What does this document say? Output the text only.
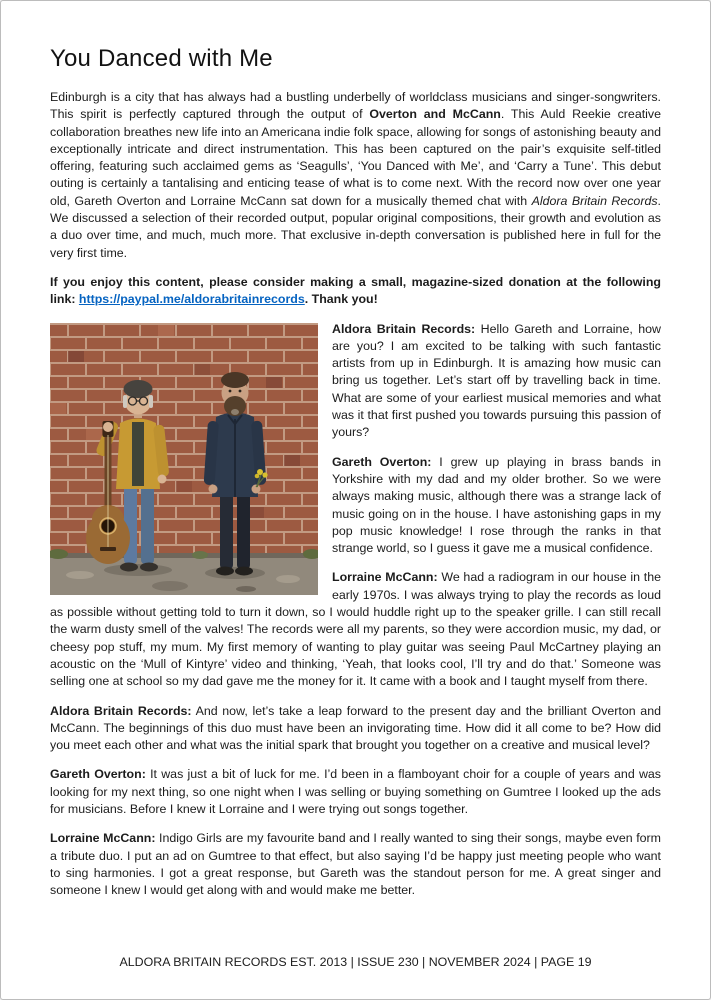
You Danced with Me

Edinburgh is a city that has always had a bustling underbelly of worldclass musicians and singer-songwriters. This spirit is perfectly captured through the output of Overton and McCann. This Auld Reekie creative collaboration breathes new life into an Americana indie folk space, allowing for songs of astonishing beauty and exceptionally intricate and direct instrumentation. This has been captured on the pair’s exquisite self-titled offering, featuring such acclaimed gems as ‘Seagulls’, ‘You Danced with Me’, and ‘Carry a Tune’. This debut outing is certainly a tantalising and enticing tease of what is to come next. With the record now over one year old, Gareth Overton and Lorraine McCann sat down for a musically themed chat with Aldora Britain Records. We discussed a selection of their recorded output, popular original compositions, their growth and evolution as a duo over time, and much, much more. That exclusive in-depth conversation is published here in full for the very first time.

If you enjoy this content, please consider making a small, magazine-sized donation at the following link: https://paypal.me/aldorabritainrecords. Thank you!

Aldora Britain Records: Hello Gareth and Lorraine, how are you? I am excited to be talking with such fantastic artists from up in Edinburgh. It is amazing how music can bring us together. Let’s start off by travelling back in time. What are some of your earliest musical memories and what was it that first pushed you towards pursuing this passion of yours?

Gareth Overton: I grew up playing in brass bands in Yorkshire with my dad and my older brother. So we were always making music, although there was a strange lack of music going on in the house. I have astonishing gaps in my pop music knowledge! I rose through the ranks in that strange world, so I guess it gave me a musical confidence.

Lorraine McCann: We had a radiogram in our house in the early 1970s. I was always trying to play the records as loud as possible without getting told to turn it down, so I would huddle right up to the speaker grille. I can still recall the warm dusty smell of the valves! The records were all my parents, so they were accordion music, my dad, or cheesy pop stuff, my mum. My first memory of wanting to play guitar was seeing Paul McCartney playing an acoustic on the ‘Mull of Kintyre’ video and thinking, ‘Yeah, that looks cool, I’ll try and do that.’ Someone was selling one at school so my dad gave me the money for it. It came with a book and I taught myself from there.

Aldora Britain Records: And now, let’s take a leap forward to the present day and the brilliant Overton and McCann. The beginnings of this duo must have been an invigorating time. How did it all come to be? How did you meet each other and what was the initial spark that brought you together on a creative and musical level?

Gareth Overton: It was just a bit of luck for me. I’d been in a flamboyant choir for a couple of years and was looking for my next thing, so one night when I was selling or buying something on Gumtree I looked up the ads for musicians. Before I knew it Lorraine and I were trying out songs together.

Lorraine McCann: Indigo Girls are my favourite band and I really wanted to sing their songs, maybe even form a tribute duo. I put an ad on Gumtree to that effect, but also saying I’d be happy just meeting people who want to sing harmonies. I got a great response, but Gareth was the standout person for me. A great singer and someone I knew I would get along with and would make me better.

ALDORA BRITAIN RECORDS EST. 2013 | ISSUE 230 | NOVEMBER 2024 | PAGE 19
